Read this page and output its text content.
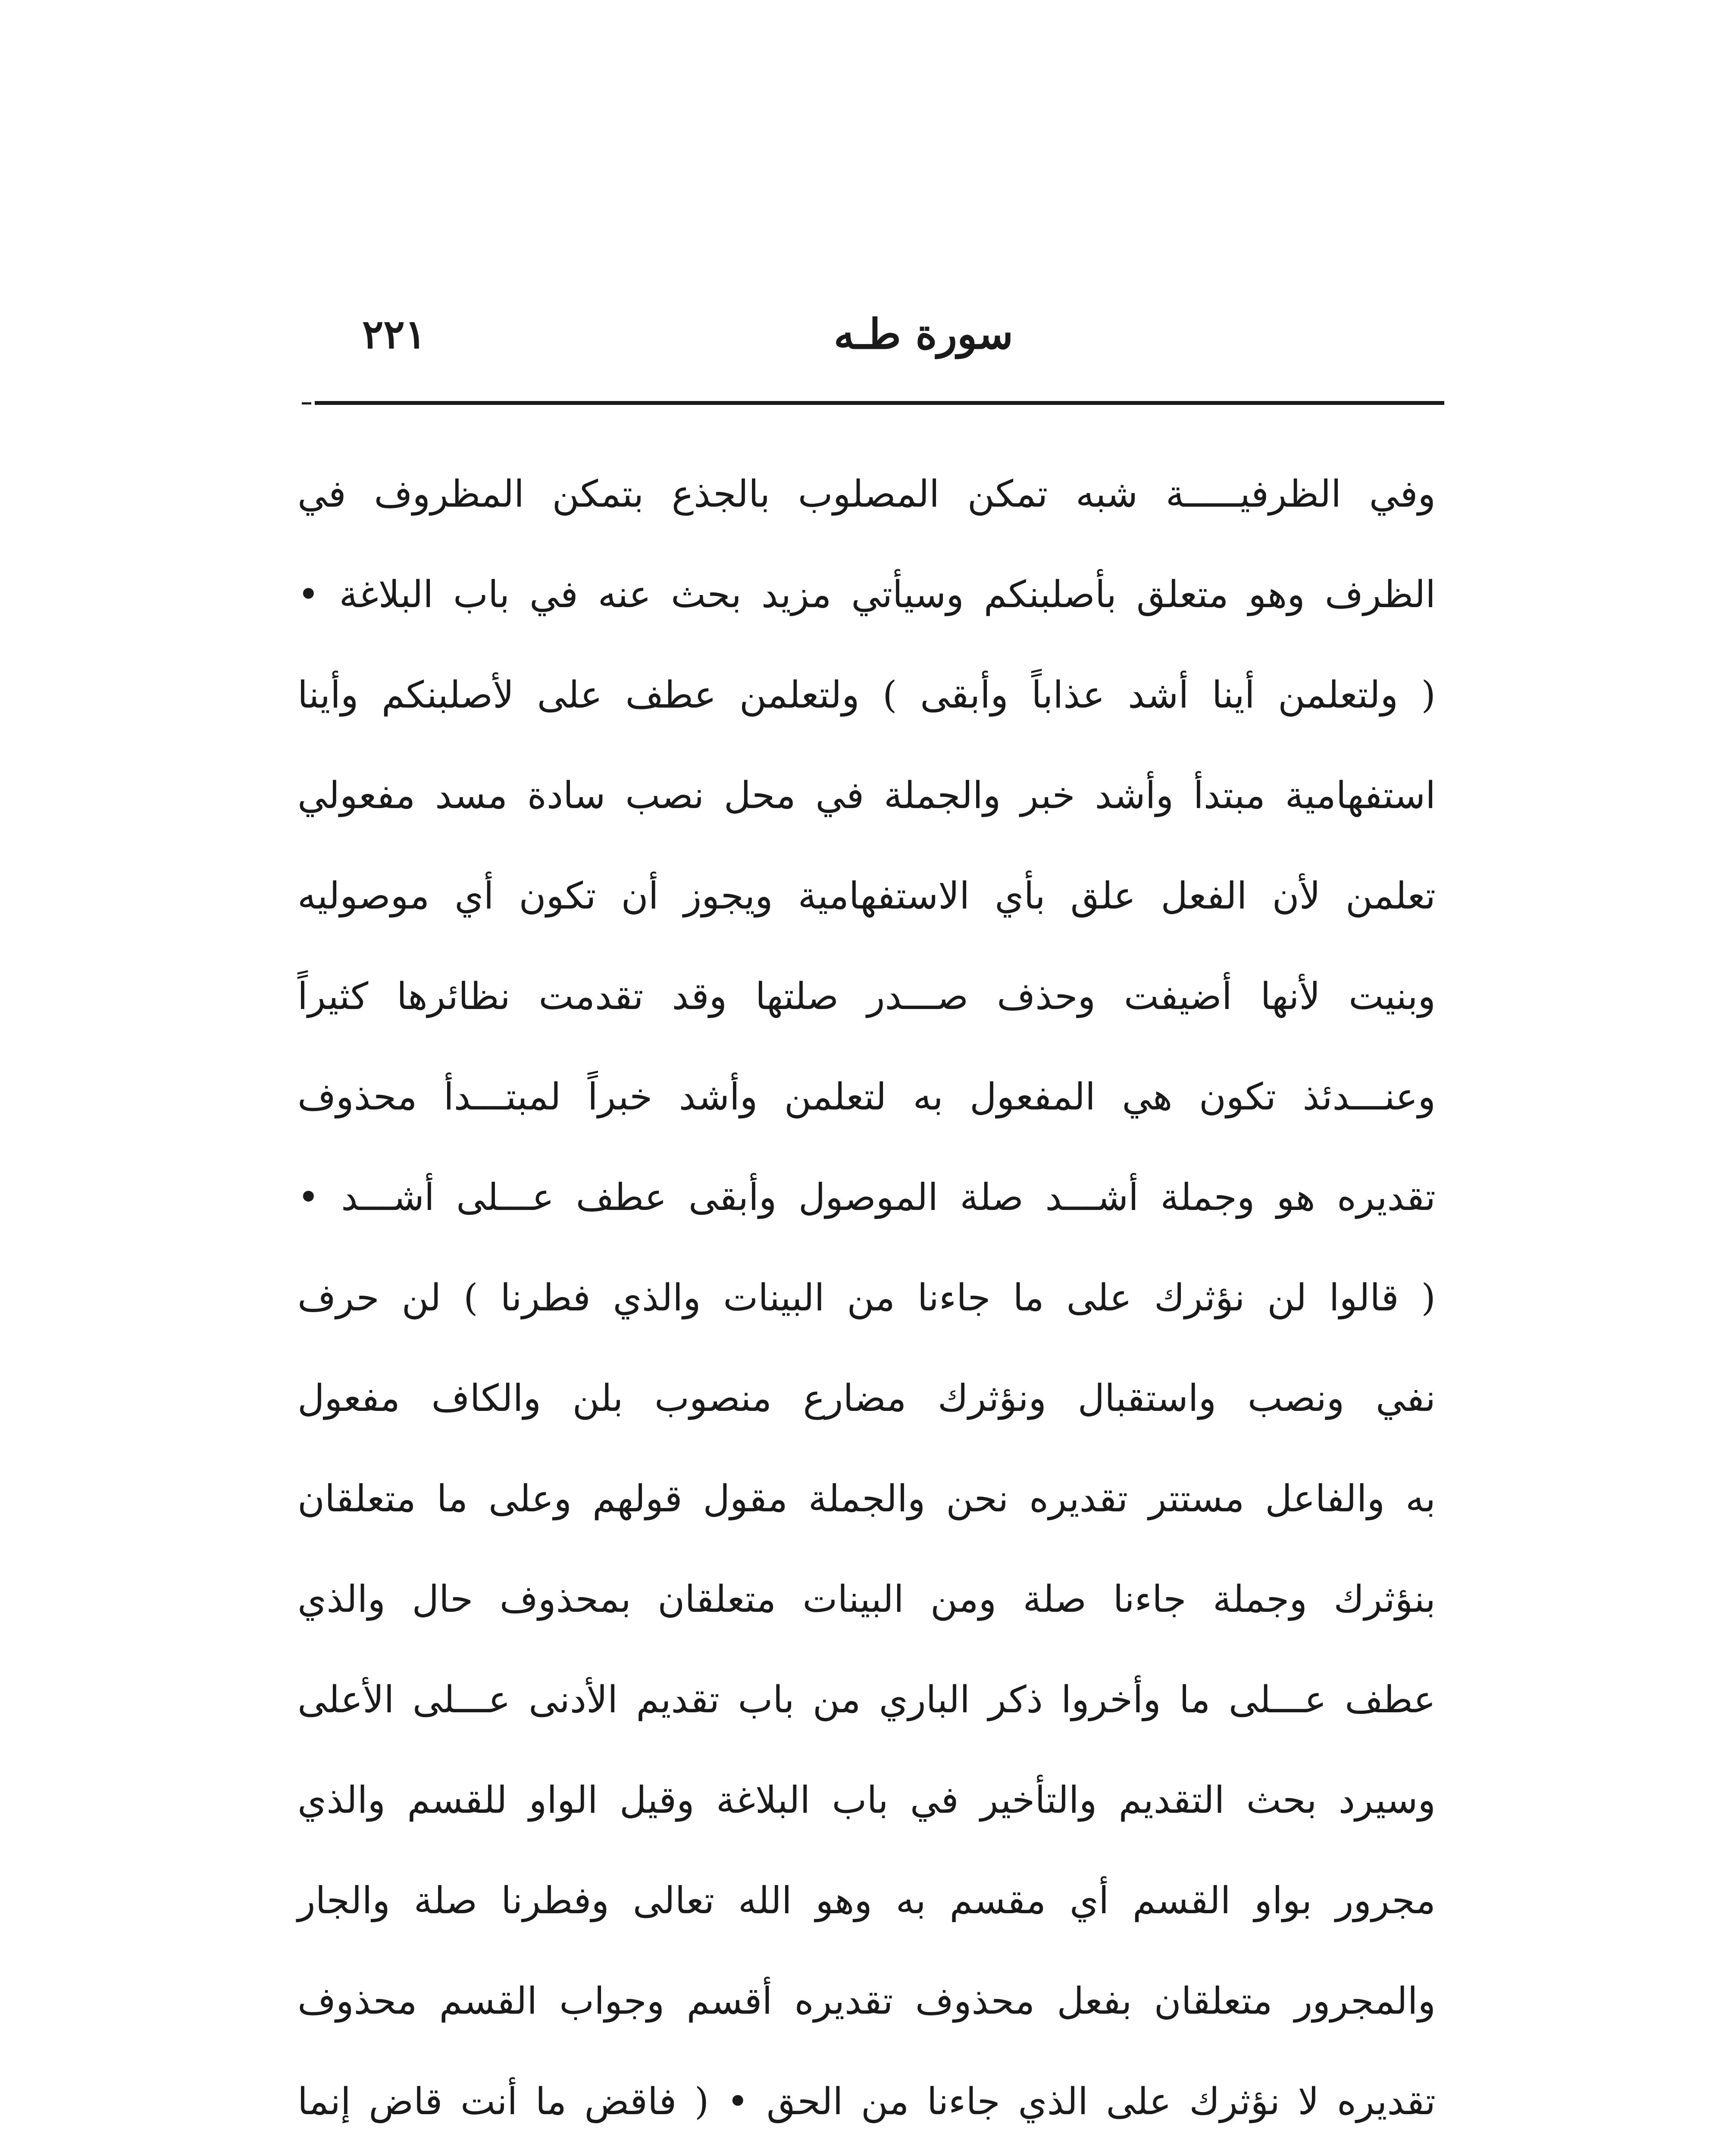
سورة طـه
٢٢١
وفي الظرفيـــــة شبه تمكن المصلوب بالجذع بتمكن المظروف في
الظرف وهو متعلق بأصلبنكم وسيأتي مزيد بحث عنه في باب البلاغة •
( ولتعلمن أينا أشد عذاباً وأبقى ) ولتعلمن عطف على لأصلبنكم وأينا
استفهامية مبتدأ وأشد خبر والجملة في محل نصب سادة مسد مفعولي
تعلمن لأن الفعل علق بأي الاستفهامية ويجوز أن تكون أي موصوليه
وبنيت لأنها أضيفت وحذف صـــدر صلتها وقد تقدمت نظائرها كثيراً
وعنـــدئذ تكون هي المفعول به لتعلمن وأشد خبراً لمبتـــدأ محذوف
تقديره هو وجملة أشـــد صلة الموصول وأبقى عطف عـــلى أشـــد •
( قالوا لن نؤثرك على ما جاءنا من البينات والذي فطرنا ) لن حرف
نفي ونصب واستقبال ونؤثرك مضارع منصوب بلن والكاف مفعول
به والفاعل مستتر تقديره نحن والجملة مقول قولهم وعلى ما متعلقان
بنؤثرك وجملة جاءنا صلة ومن البينات متعلقان بمحذوف حال والذي
عطف عـــلى ما وأخروا ذكر الباري من باب تقديم الأدنى عـــلى الأعلى
وسيرد بحث التقديم والتأخير في باب البلاغة وقيل الواو للقسم والذي
مجرور بواو القسم أي مقسم به وهو الله تعالى وفطرنا صلة والجار
والمجرور متعلقان بفعل محذوف تقديره أقسم وجواب القسم محذوف
تقديره لا نؤثرك على الذي جاءنا من الحق • ( فاقض ما أنت قاض إنما
